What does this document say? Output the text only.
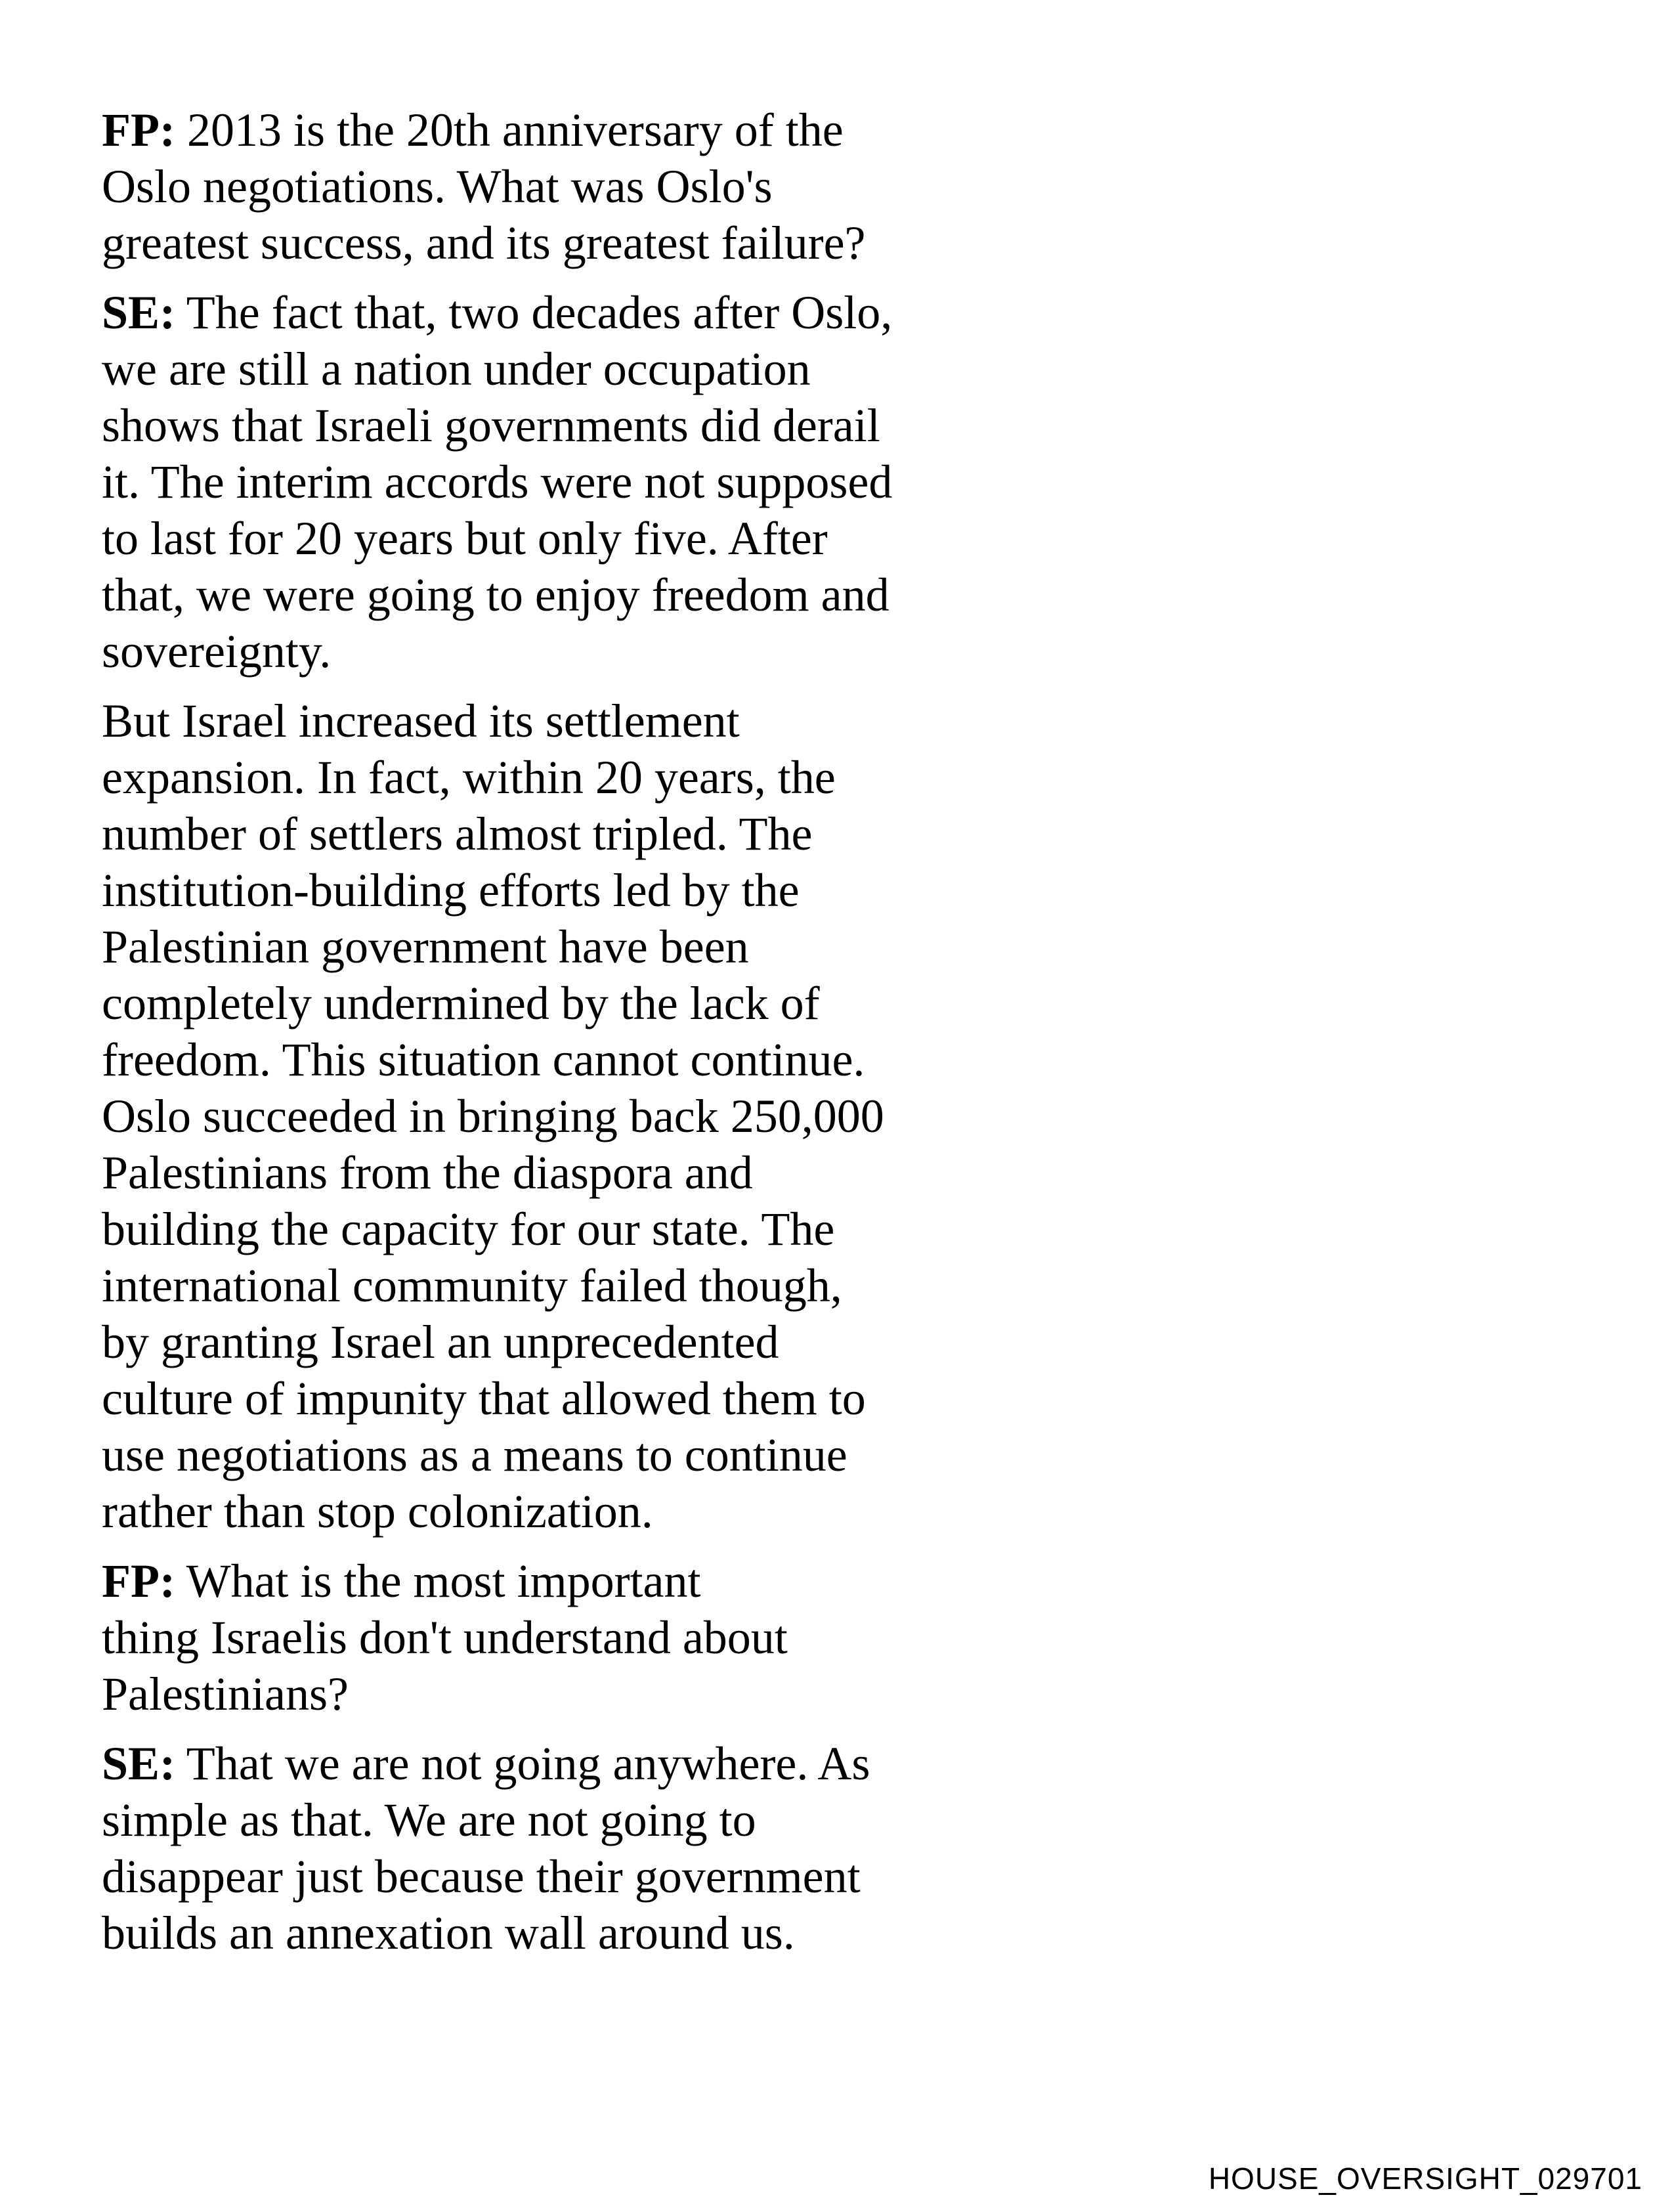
FP: 2013 is the 20th anniversary of the
Oslo negotiations. What was Oslo's
greatest success, and its greatest failure?
SE: The fact that, two decades after Oslo,
we are still a nation under occupation
shows that Israeli governments did derail
it. The interim accords were not supposed
to last for 20 years but only five. After
that, we were going to enjoy freedom and
sovereignty.
But Israel increased its settlement
expansion. In fact, within 20 years, the
number of settlers almost tripled. The
institution-building efforts led by the
Palestinian government have been
completely undermined by the lack of
freedom. This situation cannot continue.
Oslo succeeded in bringing back 250,000
Palestinians from the diaspora and
building the capacity for our state. The
international community failed though,
by granting Israel an unprecedented
culture of impunity that allowed them to
use negotiations as a means to continue
rather than stop colonization.
FP: What is the most important
thing Israelis don't understand about
Palestinians?
SE: That we are not going anywhere. As
simple as that. We are not going to
disappear just because their government
builds an annexation wall around us.
HOUSE_OVERSIGHT_029701
